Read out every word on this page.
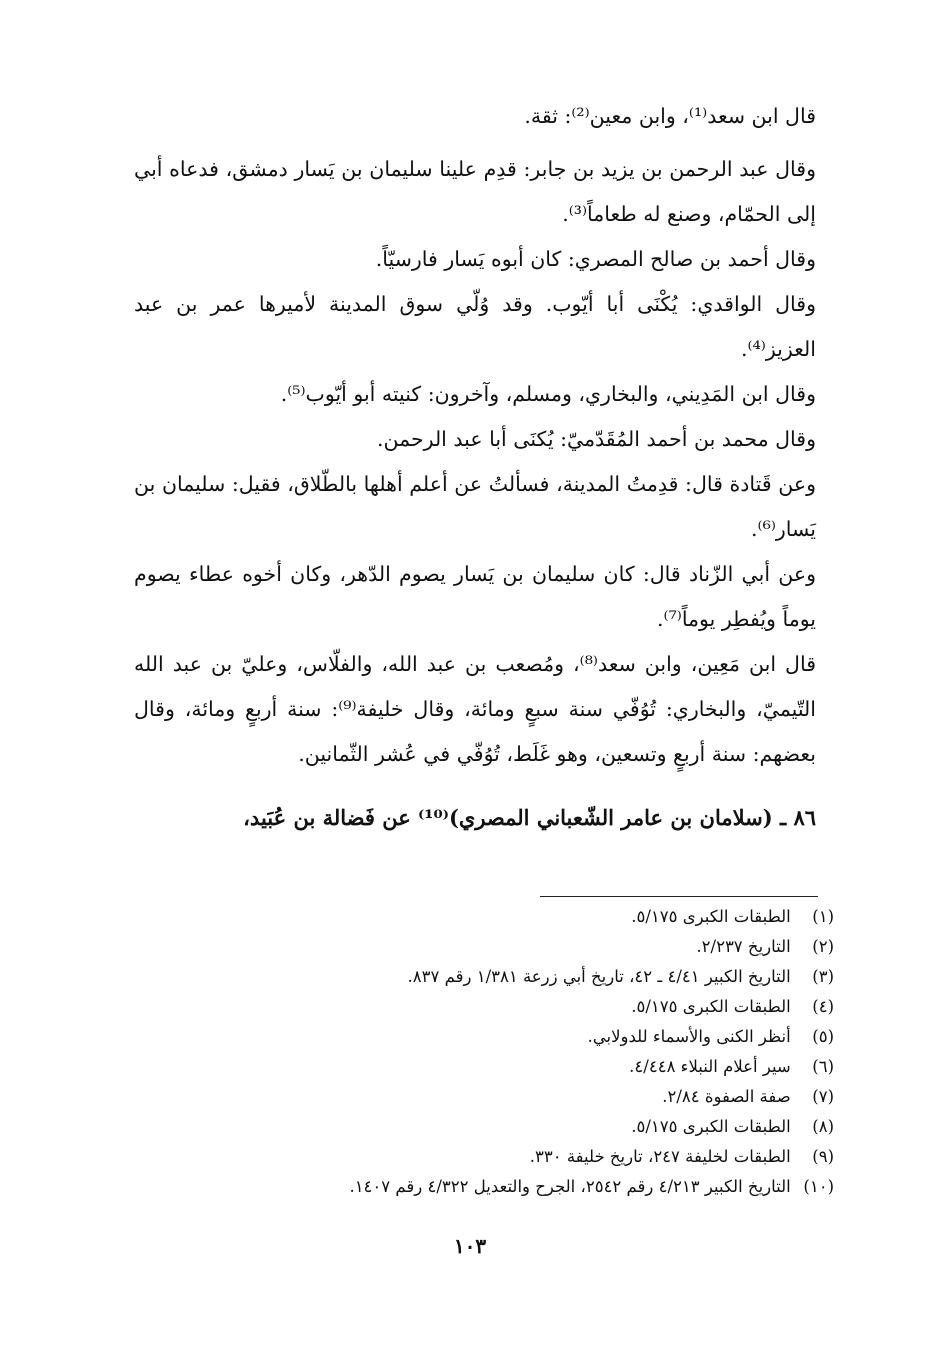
قال ابن سعد⁽¹⁾، وابن معين⁽²⁾: ثقة.

وقال عبد الرحمن بن يزيد بن جابر: قدِم علينا سليمان بن يَسار دمشق، فدعاه أبي إلى الحمّام، وصنع له طعاماً⁽³⁾.

وقال أحمد بن صالح المصري: كان أبوه يَسار فارسيّاً.

وقال الواقدي: يُكْنَى أبا أيّوب. وقد وُلّي سوق المدينة لأميرها عمر بن عبد العزيز⁽⁴⁾.

وقال ابن المَدِيني، والبخاري، ومسلم، وآخرون: كنيته أبو أيّوب⁽⁵⁾.

وقال محمد بن أحمد المُقَدّميّ: يُكنَى أبا عبد الرحمن.

وعن قَتادة قال: قدِمتُ المدينة، فسألتُ عن أعلم أهلها بالطّلاق، فقيل: سليمان بن يَسار⁽⁶⁾.

وعن أبي الزّناد قال: كان سليمان بن يَسار يصوم الدّهر، وكان أخوه عطاء يصوم يوماً ويُفطِر يوماً⁽⁷⁾.

قال ابن مَعِين، وابن سعد⁽⁸⁾، ومُصعب بن عبد الله، والفلّاس، وعليّ بن عبد الله التّيميّ، والبخاري: تُوُفّي سنة سبعٍ ومائة، وقال خليفة⁽⁹⁾: سنة أربعٍ ومائة، وقال بعضهم: سنة أربعٍ وتسعين، وهو غَلَط، تُوُفّي في عُشر الثّمانين.

٨٦ ـ (سلامان بن عامر الشّعباني المصري)⁽¹⁰⁾ عن فَضالة بن عُبَيد،

(١) الطبقات الكبرى ٥/١٧٥.
(٢) التاريخ ٢/٢٣٧.
(٣) التاريخ الكبير ٤/٤١ ـ ٤٢، تاريخ أبي زرعة ١/٣٨١ رقم ٨٣٧.
(٤) الطبقات الكبرى ٥/١٧٥.
(٥) أنظر الكنى والأسماء للدولابي.
(٦) سير أعلام النبلاء ٤/٤٤٨.
(٧) صفة الصفوة ٢/٨٤.
(٨) الطبقات الكبرى ٥/١٧٥.
(٩) الطبقات لخليفة ٢٤٧، تاريخ خليفة ٣٣٠.
(١٠) التاريخ الكبير ٤/٢١٣ رقم ٢٥٤٢، الجرح والتعديل ٤/٣٢٢ رقم ١٤٠٧.
١٠٣
